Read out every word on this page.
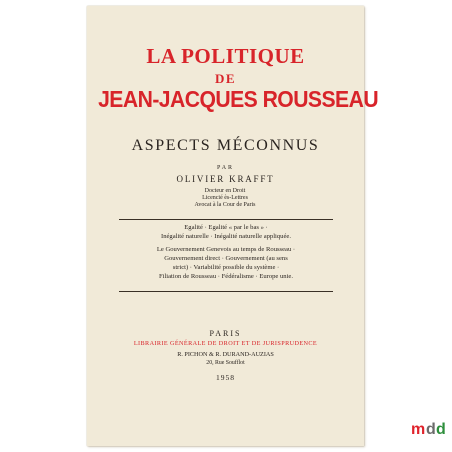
LA POLITIQUE

DE

JEAN-JACQUES ROUSSEAU

ASPECTS MÉCONNUS

PAR

OLIVIER KRAFFT

Docteur en Droit

Licencié ès-Lettres

Avocat à la Cour de Paris

Egalité · Egalité « par le bas » ·

Inégalité naturelle · Inégalité naturelle appliquée.

Le Gouvernement Genevois au temps de Rousseau ·

Gouvernement direct · Gouvernement (au sens

strict) · Variabilité possible du système ·

Filiation de Rousseau · Fédéralisme · Europe unie.

PARIS

LIBRAIRIE GÉNÉRALE DE DROIT ET DE JURISPRUDENCE

R. PICHON & R. DURAND-AUZIAS

20, Rue Soufflot

1958

m d d
